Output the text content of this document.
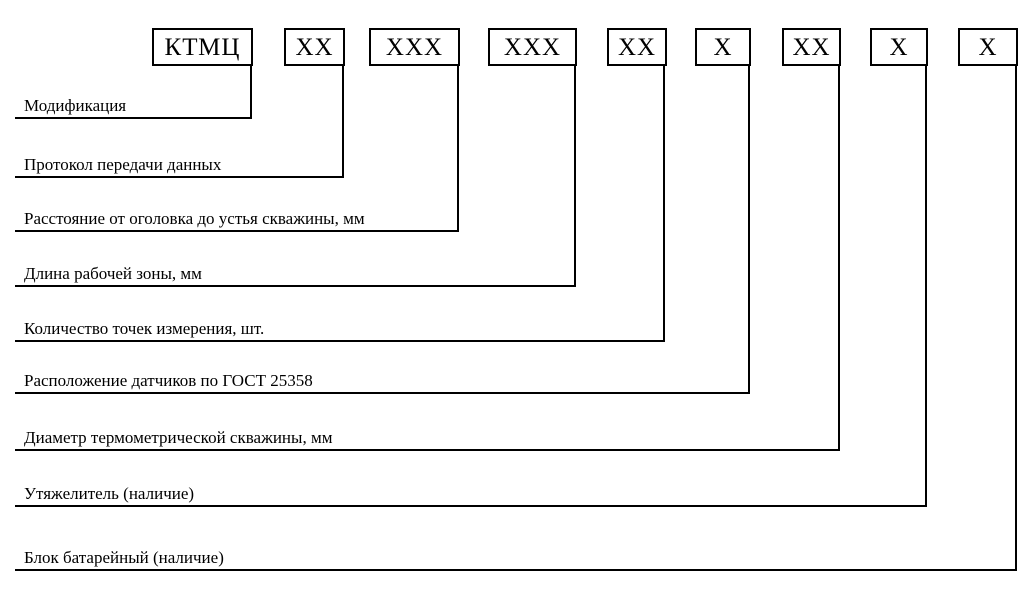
КТМЦ	XX	XXX	XXX	XX	X	XX	X	X
Модификация
Протокол передачи данных
Расстояние от оголовка до устья скважины, мм
Длина рабочей зоны, мм
Количество точек измерения, шт.
Расположение датчиков по ГОСТ 25358
Диаметр термометрической скважины, мм
Утяжелитель (наличие)
Блок батарейный (наличие)
